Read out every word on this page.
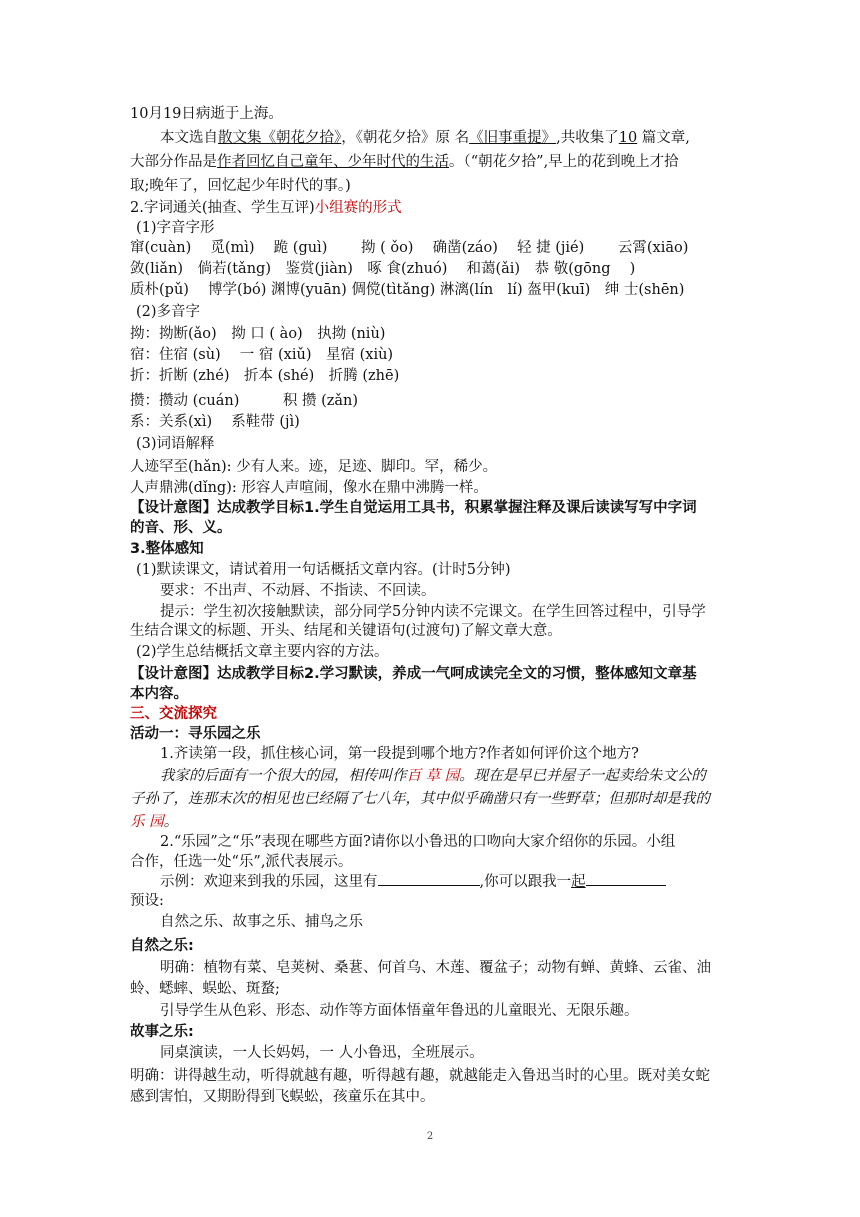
10月19日病逝于上海。
本文选自散文集《朝花夕拾》，《朝花夕拾》原 名《旧事重提》,共收集了10 篇文章,
大部分作品是作者回忆自己童年、少年时代的生活。（“朝花夕拾”,早上的花到晚上才拾
取;晚年了，回忆起少年时代的事。)
2.字词通关(抽查、学生互评)小组赛的形式
(1)字音字形
窜(cuàn)　 觅(mì)　 跪 (guì)　　 拗 ( ǒo)　 确凿(záo)　 轻 捷 (jié)　　 云霄(xiāo)
敛(liǎn)　倘若(tǎng)　鉴赏(jiàn)　啄 食(zhuó)　 和蔼(ǎi)　恭 敬(gōng　 )
质朴(pǔ)　 博学(bó) 渊博(yuān) 倜傥(tìtǎng) 淋漓(lín　lí) 盔甲(kuī)　绅 士(shēn)
(2)多音字
拗：拗断(ǎo)　拗 口 ( ào)　执拗 (niù)
宿：住宿 (sù)　 一 宿 (xiǔ)　星宿 (xiù)
折：折断 (zhé)　折本 (shé)　折腾 (zhē)
攒：攒动 (cuán)　　　积 攒 (zǎn)
系：关系(xì)　 系鞋带 (jì)
(3)词语解释
人迹罕至(hǎn): 少有人来。迹，足迹、脚印。罕，稀少。
人声鼎沸(dǐng): 形容人声喧闹，像水在鼎中沸腾一样。
【设计意图】达成教学目标1.学生自觉运用工具书，积累掌握注释及课后读读写写中字词
的音、形、义。
3.整体感知
(1)默读课文，请试着用一句话概括文章内容。(计时5分钟)
要求：不出声、不动唇、不指读、不回读。
提示：学生初次接触默读，部分同学5分钟内读不完课文。在学生回答过程中，引导学
生结合课文的标题、开头、结尾和关键语句(过渡句)了解文章大意。
(2)学生总结概括文章主要内容的方法。
【设计意图】达成教学目标2.学习默读，养成一气呵成读完全文的习惯，整体感知文章基
本内容。
三、交流探究
活动一：寻乐园之乐
1.齐读第一段，抓住核心词，第一段提到哪个地方?作者如何评价这个地方?
我家的后面有一个很大的园，相传叫作百 草 园。现在是早已并屋子一起卖给朱文公的
子孙了，连那末次的相见也已经隔了七八年，其中似乎确凿只有一些野草；但那时却是我的
乐 园。
2.“乐园”之“乐”表现在哪些方面?请你以小鲁迅的口吻向大家介绍你的乐园。小组
合作，任选一处“乐”,派代表展示。
示例：欢迎来到我的乐园，这里有	,你可以跟我一起
预设:
自然之乐、故事之乐、捕鸟之乐
自然之乐:
明确：植物有菜、皂荚树、桑葚、何首乌、木莲、覆盆子；动物有蝉、黄蜂、云雀、油
蛉、蟋蟀、蜈蚣、斑蝥;
引导学生从色彩、形态、动作等方面体悟童年鲁迅的儿童眼光、无限乐趣。
故事之乐:
同桌演读，一人长妈妈，一 人小鲁迅，全班展示。
明确：讲得越生动，听得就越有趣，听得越有趣，就越能走入鲁迅当时的心里。既对美女蛇
感到害怕，又期盼得到飞蜈蚣，孩童乐在其中。
2
